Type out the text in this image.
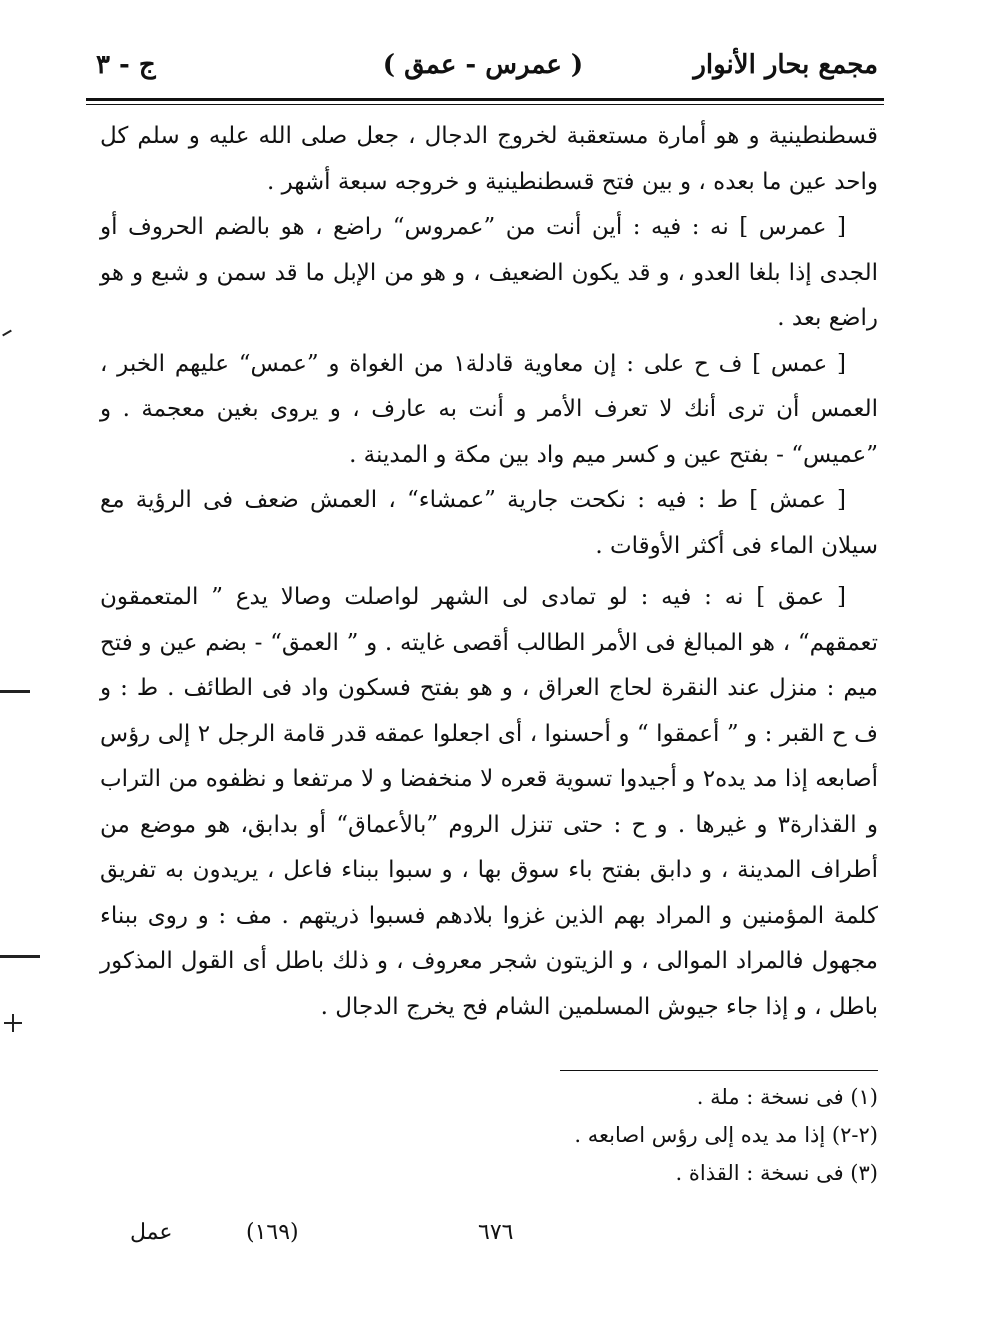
مجمع بحار الأنوار
( عمرس - عمق )
ج - ٣

قسطنطينية و هو أمارة مستعقبة لخروج الدجال ، جعل صلى الله عليه و سلم كل واحد عين ما بعده ، و بين فتح قسطنطينية و خروجه سبعة أشهر .

[ عمرس ] نه : فيه : أين أنت من ”عمروس“ راضع ، هو بالضم الحروف أو الجدى إذا بلغا العدو ، و قد يكون الضعيف ، و هو من الإبل ما قد سمن و شبع و هو راضع بعد .

[ عمس ] ف ح على : إن معاوية قادلة١ من الغواة و ”عمس“ عليهم الخبر ، العمس أن ترى أنك لا تعرف الأمر و أنت به عارف ، و يروى بغين معجمة . و ”عميس“ - بفتح عين و كسر ميم واد بين مكة و المدينة .

[ عمش ] ط : فيه : نكحت جارية ”عمشاء“ ، العمش ضعف فى الرؤية مع سيلان الماء فى أكثر الأوقات .

[ عمق ] نه : فيه : لو تمادى لى الشهر لواصلت وصالا يدع ” المتعمقون تعمقهم“ ، هو المبالغ فى الأمر الطالب أقصى غايته . و ” العمق“ - بضم عين و فتح ميم : منزل عند النقرة لحاج العراق ، و هو بفتح فسكون واد فى الطائف . ط : و ف ح القبر : و ” أعمقوا “ و أحسنوا ، أى اجعلوا عمقه قدر قامة الرجل ٢ إلى رؤس أصابعه إذا مد يده٢ و أجيدوا تسوية قعره لا منخفضا و لا مرتفعا و نظفوه من التراب و القذارة٣ و غيرها . و ح : حتى تنزل الروم ”بالأعماق“ أو بدابق، هو موضع من أطراف المدينة ، و دابق بفتح باء سوق بها ، و سبوا ببناء فاعل ، يريدون به تفريق كلمة المؤمنين و المراد بهم الذين غزوا بلادهم فسبوا ذريتهم . مف : و روى ببناء مجهول فالمراد الموالى ، و الزيتون شجر معروف ، و ذلك باطل أى القول المذكور باطل ، و إذا جاء جيوش المسلمين الشام فح يخرج الدجال .

(١) فى نسخة : ملة .

(٢-٢) إذا مد يده إلى رؤس اصابعه .

(٣) فى نسخة : القذاة .

٦٧٦
(١٦٩)
عمل
